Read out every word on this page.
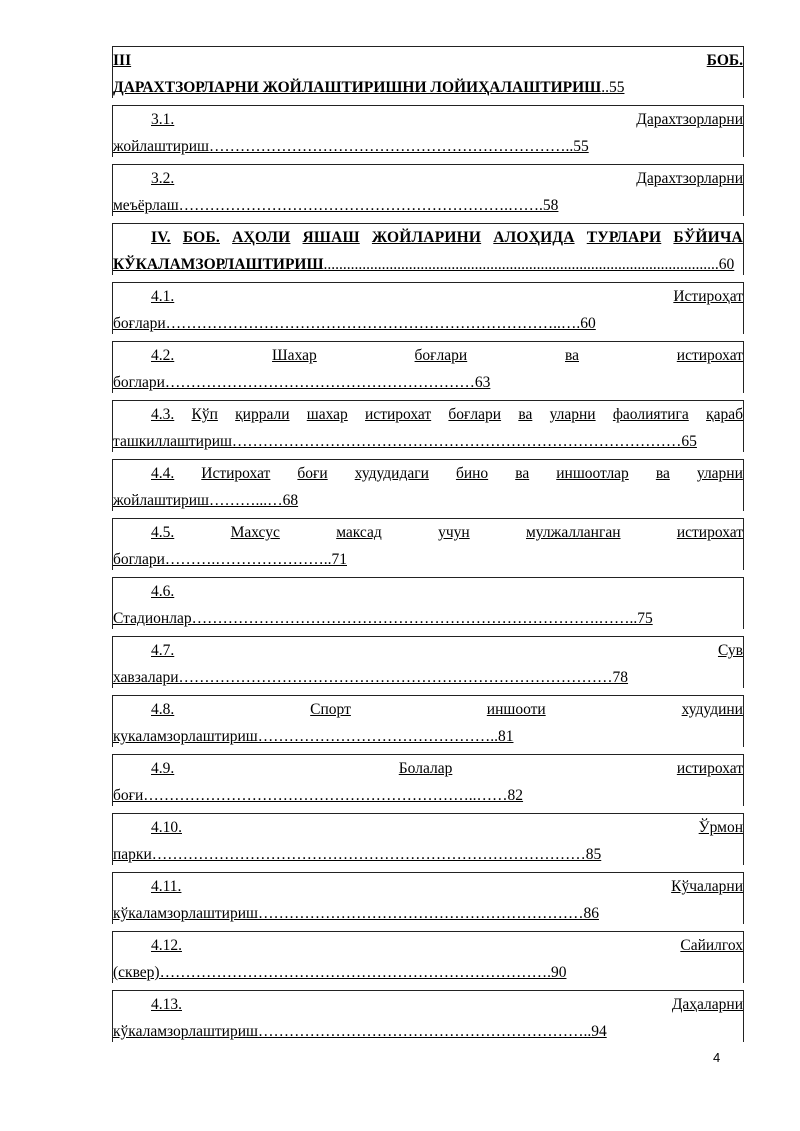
III	БОБ.
ДАРАХТЗОРЛАРНИ ЖОЙЛАШТИРИШНИ ЛОЙИҲАЛАШТИРИШ..55
3.1.	Дарахтзорларни
жойлаштириш……………………………………………………………..55
3.2.	Дарахтзорларни
меъёрлаш……………………………………………………….…….58
IV. БОБ. АҲОЛИ ЯШАШ ЖОЙЛАРИНИ АЛОҲИДА ТУРЛАРИ БЎЙИЧА
КЎКАЛАМЗОРЛАШТИРИШ......................................................................................................60
4.1.	Истироҳат
боғлари…………………………………………………………………..….60
4.2.	Шахар	боғлари	ва	истирохат
боглари……………………………………………………63
4.3. Кўп қиррали шахар истирохат боғлари ва уларни фаолиятига қараб
ташкиллаштириш……………………………………………………………………………65
4.4. Истирохат боғи худудидаги бино ва иншоотлар ва уларни
жойлаштириш………...…68
4.5.	Махсус	максад	учун	мулжалланган	истирохат
боглари……….…………………..71
4.6.
Стадионлар…………………………………………………………………….……..75
4.7.	Сув
хавзалари…………………………………………………………………………78
4.8.	Спорт	иншооти	худудини
кукаламзорлаштириш………………………………………..81
4.9.	Болалар	истирохат
боғи………………………………………………………..……82
4.10.	Ўрмон
парки…………………………………………………………………………85
4.11.	Кўчаларни
кўкаламзорлаштириш………………………………………………………86
4.12.	Сайилгох
(сквер)………………………………………………………………….90
4.13.	Даҳаларни
кўкаламзорлаштириш………………………………………………………..94
4
